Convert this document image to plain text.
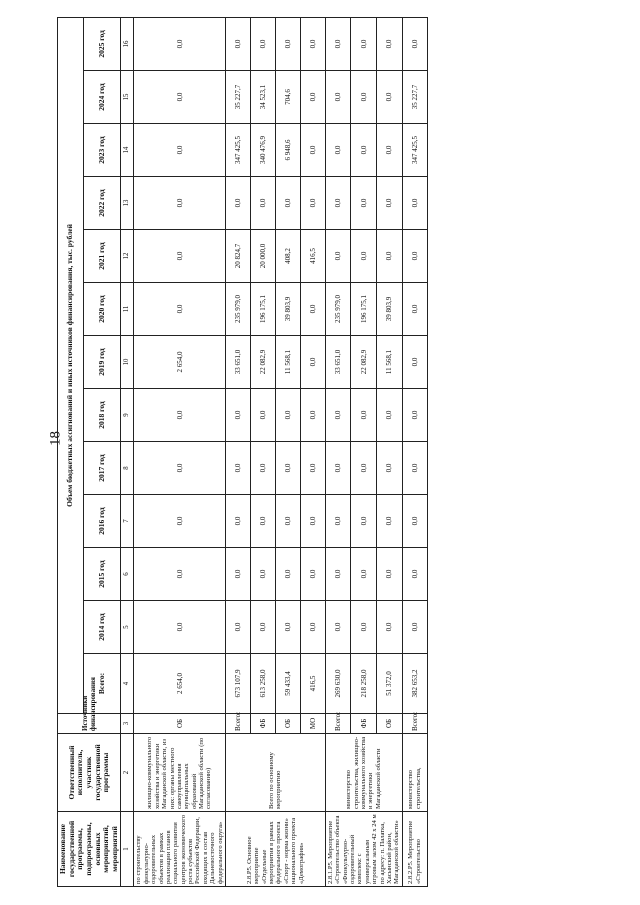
18
Наименование государственной программы, подпрограммы, основных мероприятий, мероприятий	Ответственный исполнитель, участник государственной программы	Источники финансирования	Объем бюджетных ассигнований и иных источников финансирования, тыс. рублей												
			Всего:	2014 год	2015 год	2016 год	2017 год	2018 год	2019 год	2020 год	2021 год	2022 год	2023 год	2024 год	2025 год
1	2	3	4	5	6	7	8	9	10	11	12	13	14	15	16
по строительству физкультурно-оздоровительных объектов в рамках реализации планов социального развития центров экономического роста субъектов Российской Федерации, входящих в состав Дальневосточного федерального округа»	жилищно-коммунального хозяйства и энергетики Магаданской области, из них: органы местного самоуправления муниципальных образований Магаданской области (по согласованию)	ОБ	2 654,0	0,0	0,0	0,0	0,0	0,0	2 654,0	0,0	0,0	0,0	0,0	0,0	0,0
2.8.Р5. Основное мероприятие «Отдельные мероприятия в рамках федерального проекта «Спорт - норма жизни» национального проекта «Демография»	Всего по основному мероприятию	Всего:	673 107,9	0,0	0,0	0,0	0,0	0,0	33 651,0	235 979,0	20 824,7	0,0	347 425,5	35 227,7	0,0
		ФБ	613 258,0	0,0	0,0	0,0	0,0	0,0	22 082,9	196 175,1	20 000,0	0,0	340 476,9	34 523,1	0,0
		ОБ	59 433,4	0,0	0,0	0,0	0,0	0,0	11 568,1	39 803,9	408,2	0,0	6 948,6	704,6	0,0
		МО	416,5	0,0	0,0	0,0	0,0	0,0	0,0	0,0	416,5	0,0	0,0	0,0	0,0
2.8.1.Р5. Мероприятие «Строительство объекта «Физкультурно-оздоровительный комплекс с универсальным игровым залом 42 х 24 м по адресу: п. Палатка, Хасынский район, Магаданской области»	министерство строительства, жилищно-коммунального хозяйства и энергетики Магаданской области	Всего:	269 630,0	0,0	0,0	0,0	0,0	0,0	33 651,0	235 979,0	0,0	0,0	0,0	0,0	0,0
		ФБ	218 258,0	0,0	0,0	0,0	0,0	0,0	22 082,9	196 175,1	0,0	0,0	0,0	0,0	0,0
		ОБ	51 372,0	0,0	0,0	0,0	0,0	0,0	11 568,1	39 803,9	0,0	0,0	0,0	0,0	0,0
2.8.2.Р5. Мероприятие «Строительство	министерство строительства,	Всего:	382 653,2	0,0	0,0	0,0	0,0	0,0	0,0	0,0	0,0	0,0	347 425,5	35 227,7	0,0
